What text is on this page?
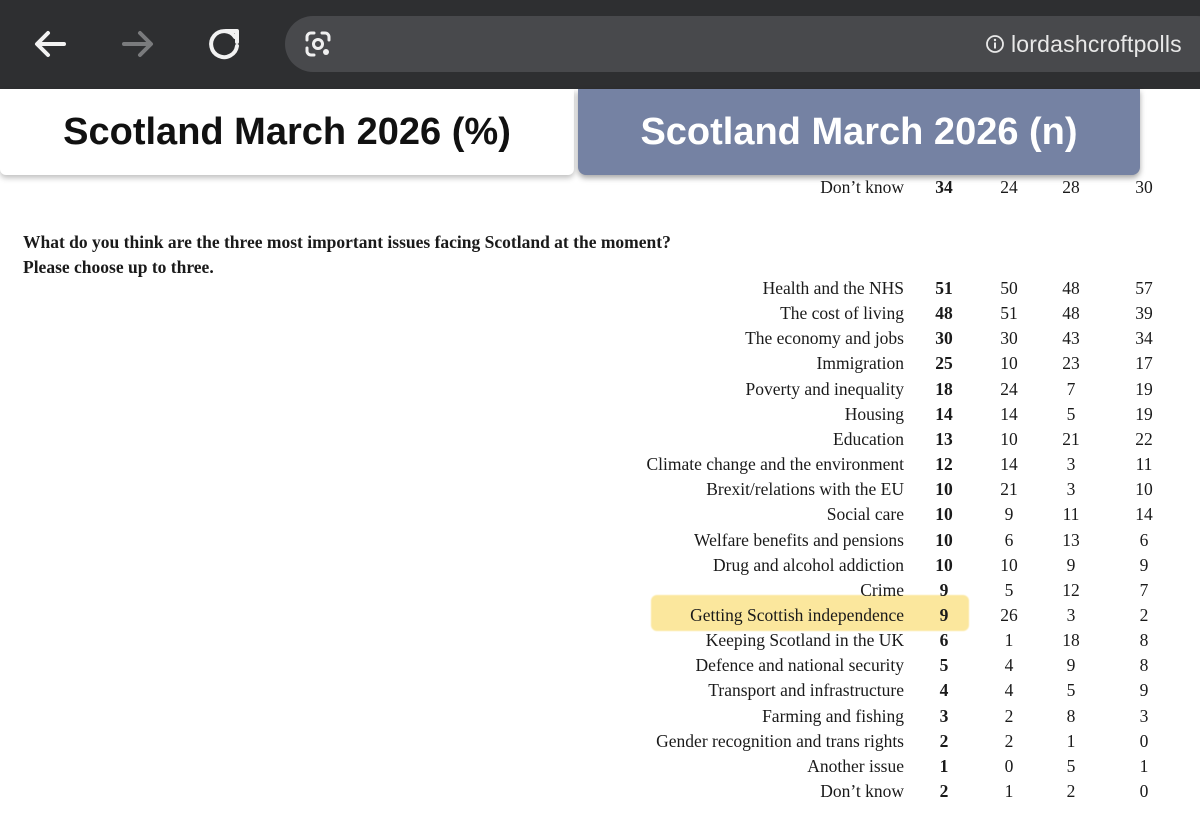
lordashcroftpolls
Scotland March 2026 (%)	Scotland March 2026 (n)
Don’t know	34	24	28	30
What do you think are the three most important issues facing Scotland at the moment?
Please choose up to three.
Health and the NHS	51	50	48	57
The cost of living	48	51	48	39
The economy and jobs	30	30	43	34
Immigration	25	10	23	17
Poverty and inequality	18	24	7	19
Housing	14	14	5	19
Education	13	10	21	22
Climate change and the environment	12	14	3	11
Brexit/relations with the EU	10	21	3	10
Social care	10	9	11	14
Welfare benefits and pensions	10	6	13	6
Drug and alcohol addiction	10	10	9	9
Crime	9	5	12	7
Getting Scottish independence	9	26	3	2
Keeping Scotland in the UK	6	1	18	8
Defence and national security	5	4	9	8
Transport and infrastructure	4	4	5	9
Farming and fishing	3	2	8	3
Gender recognition and trans rights	2	2	1	0
Another issue	1	0	5	1
Don’t know	2	1	2	0
